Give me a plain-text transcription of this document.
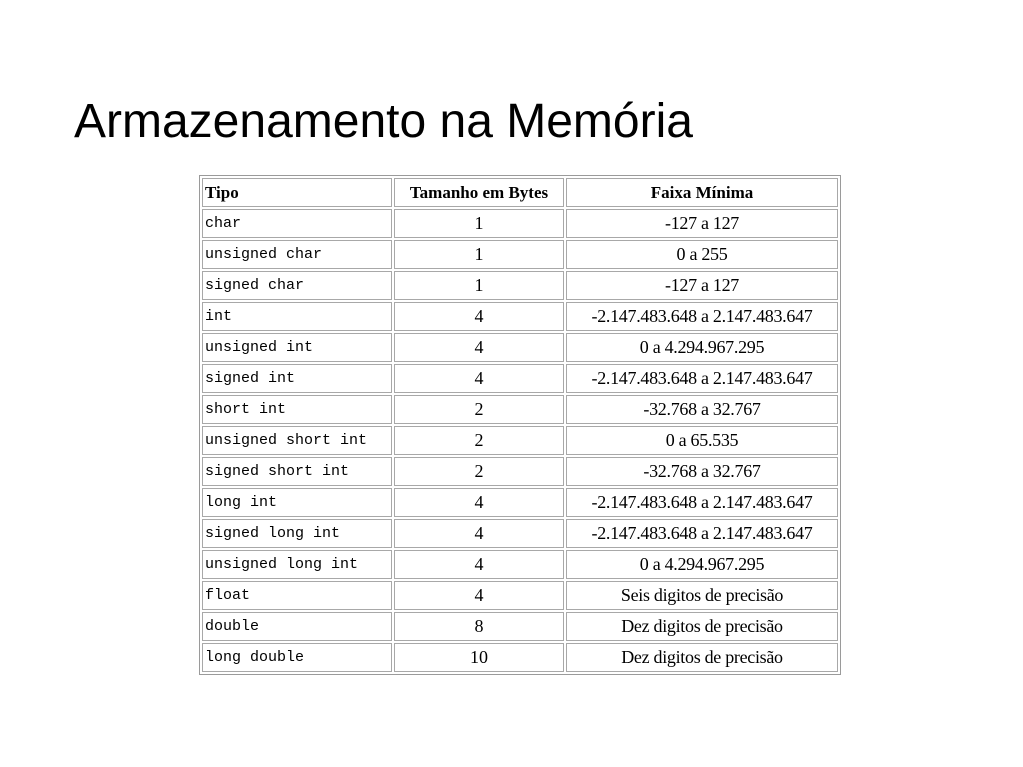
Armazenamento na Memória
Tipo	Tamanho em Bytes	Faixa Mínima
char	1	-127 a 127
unsigned char	1	0 a 255
signed char	1	-127 a 127
int	4	-2.147.483.648 a 2.147.483.647
unsigned int	4	0 a 4.294.967.295
signed int	4	-2.147.483.648 a 2.147.483.647
short int	2	-32.768 a 32.767
unsigned short int	2	0 a 65.535
signed short int	2	-32.768 a 32.767
long int	4	-2.147.483.648 a 2.147.483.647
signed long int	4	-2.147.483.648 a 2.147.483.647
unsigned long int	4	0 a 4.294.967.295
float	4	Seis digitos de precisão
double	8	Dez digitos de precisão
long double	10	Dez digitos de precisão
